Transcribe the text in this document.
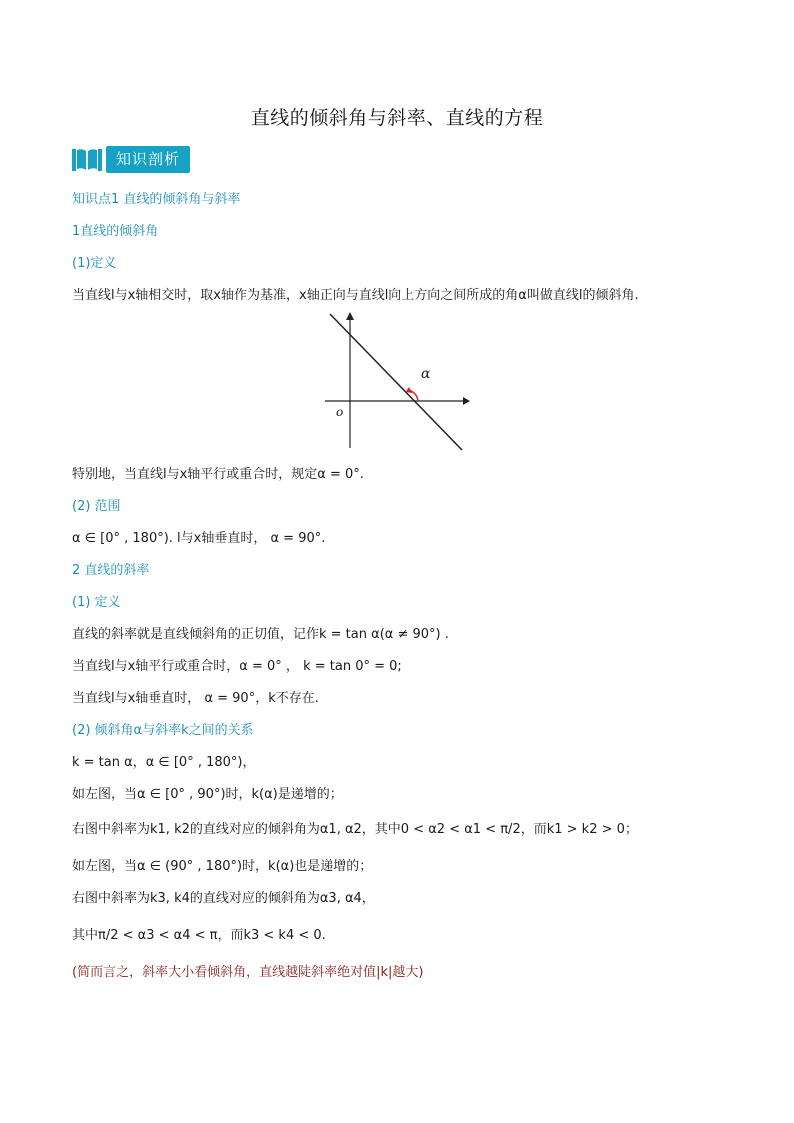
直线的倾斜角与斜率、直线的方程
知识剖析
知识点1 直线的倾斜角与斜率
1直线的倾斜角
(1)定义
当直线l与x轴相交时，取x轴作为基准，x轴正向与直线l向上方向之间所成的角α叫做直线l的倾斜角.
α
o
特别地，当直线l与x轴平行或重合时，规定α = 0°.
(2) 范围
α ∈ [0° , 180°). l与x轴垂直时， α = 90°.
2 直线的斜率
(1) 定义
直线的斜率就是直线倾斜角的正切值，记作k = tan α(α ≠ 90°) .
当直线l与x轴平行或重合时，α = 0° ， k = tan 0° = 0;
当直线l与x轴垂直时， α = 90°，k不存在.
(2) 倾斜角α与斜率k之间的关系
k = tan α，α ∈ [0° , 180°)，
如左图，当α ∈ [0° , 90°)时，k(α)是递增的；
右图中斜率为k1, k2的直线对应的倾斜角为α1, α2，其中0 < α2 < α1 < π/2，而k1 > k2 > 0；
如左图，当α ∈ (90° , 180°)时，k(α)也是递增的；
右图中斜率为k3, k4的直线对应的倾斜角为α3, α4，
其中π/2 < α3 < α4 < π，而k3 < k4 < 0.
(简而言之，斜率大小看倾斜角，直线越陡斜率绝对值|k|越大)
